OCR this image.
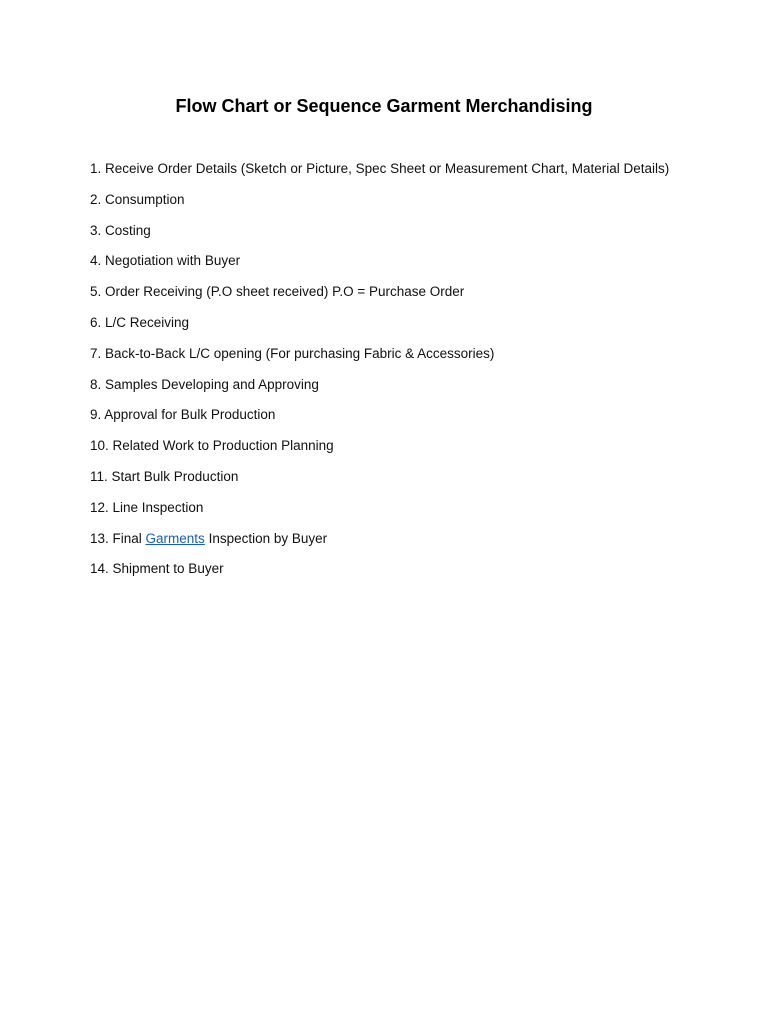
Flow Chart or Sequence Garment Merchandising
1. Receive Order Details (Sketch or Picture, Spec Sheet or Measurement Chart, Material Details)
2. Consumption
3. Costing
4. Negotiation with Buyer
5. Order Receiving (P.O sheet received) P.O = Purchase Order
6. L/C Receiving
7. Back-to-Back L/C opening (For purchasing Fabric & Accessories)
8. Samples Developing and Approving
9. Approval for Bulk Production
10. Related Work to Production Planning
11. Start Bulk Production
12. Line Inspection
13. Final Garments Inspection by Buyer
14. Shipment to Buyer
